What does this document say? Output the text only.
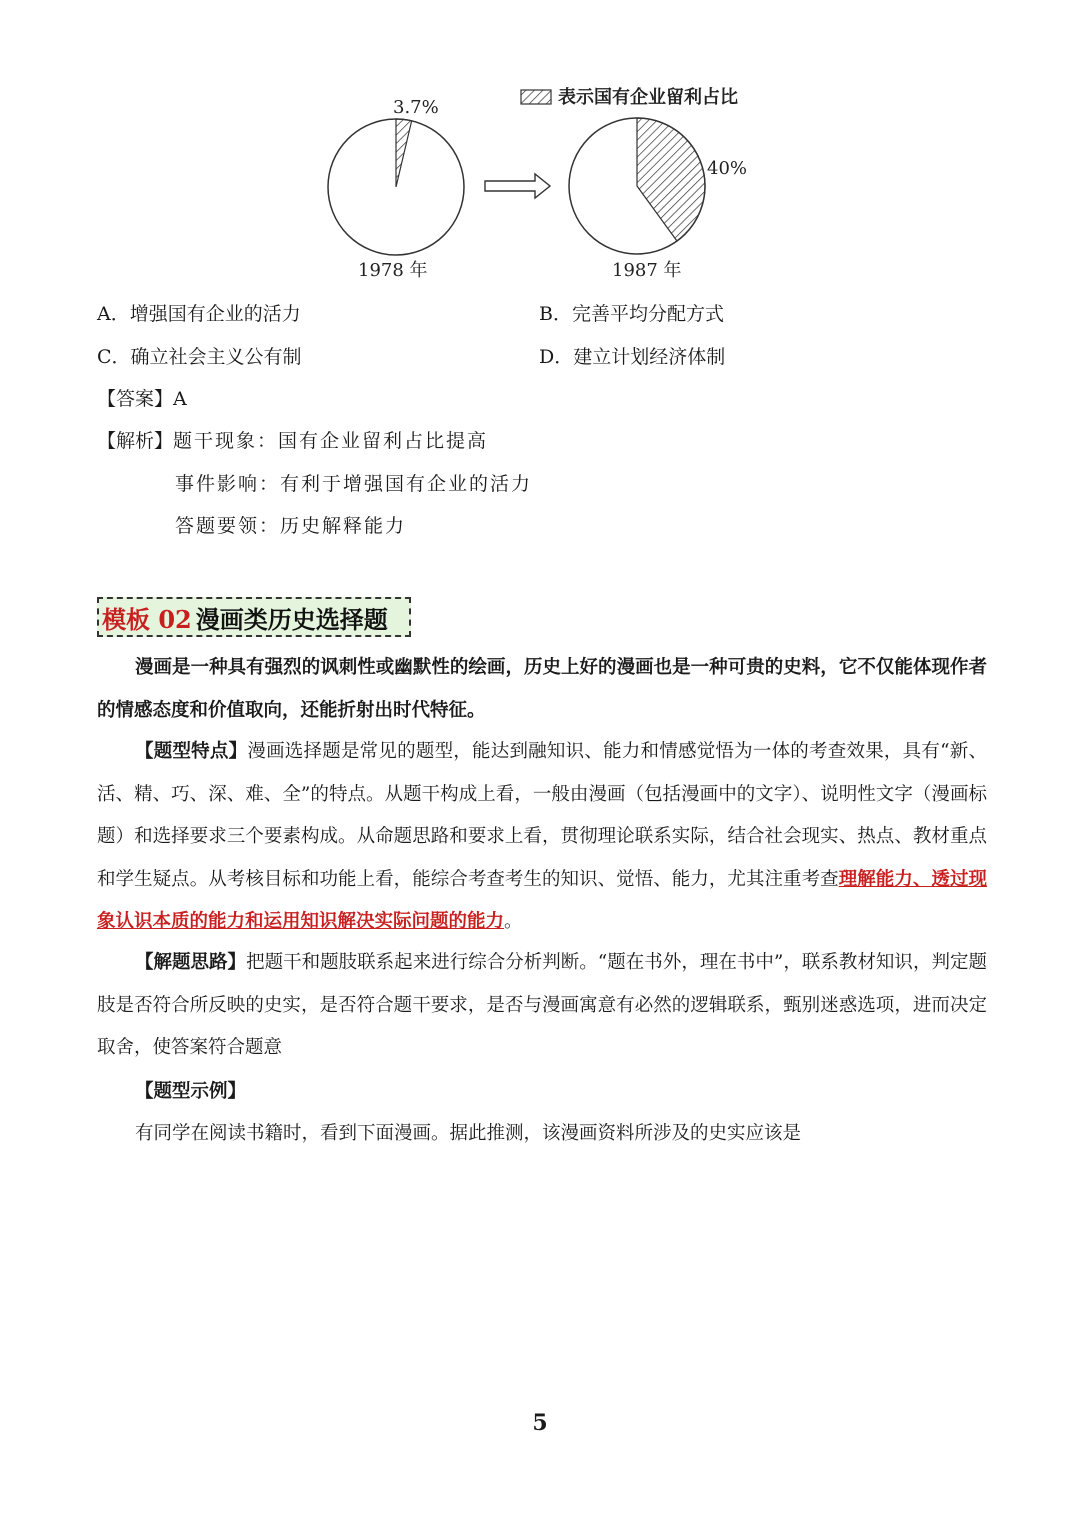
表示国有企业留利占比
3.7%
1978 年
40%
1987 年
A．增强国有企业的活力	B．完善平均分配方式
C．确立社会主义公有制	D．建立计划经济体制
【答案】A
【解析】题干现象：国有企业留利占比提高
事件影响：有利于增强国有企业的活力
答题要领：历史解释能力
模板 02 漫画类历史选择题
漫画是一种具有强烈的讽刺性或幽默性的绘画，历史上好的漫画也是一种可贵的史料，它不仅能体现作者的情感态度和价值取向，还能折射出时代特征。
【题型特点】漫画选择题是常见的题型，能达到融知识、能力和情感觉悟为一体的考查效果，具有“新、活、精、巧、深、难、全”的特点。从题干构成上看，一般由漫画（包括漫画中的文字）、说明性文字（漫画标题）和选择要求三个要素构成。从命题思路和要求上看，贯彻理论联系实际，结合社会现实、热点、教材重点和学生疑点。从考核目标和功能上看，能综合考查考生的知识、觉悟、能力，尤其注重考查理解能力、透过现象认识本质的能力和运用知识解决实际问题的能力。
【解题思路】把题干和题肢联系起来进行综合分析判断。“题在书外，理在书中”，联系教材知识，判定题肢是否符合所反映的史实，是否符合题干要求，是否与漫画寓意有必然的逻辑联系，甄别迷惑选项，进而决定取舍，使答案符合题意
【题型示例】
有同学在阅读书籍时，看到下面漫画。据此推测，该漫画资料所涉及的史实应该是
5
